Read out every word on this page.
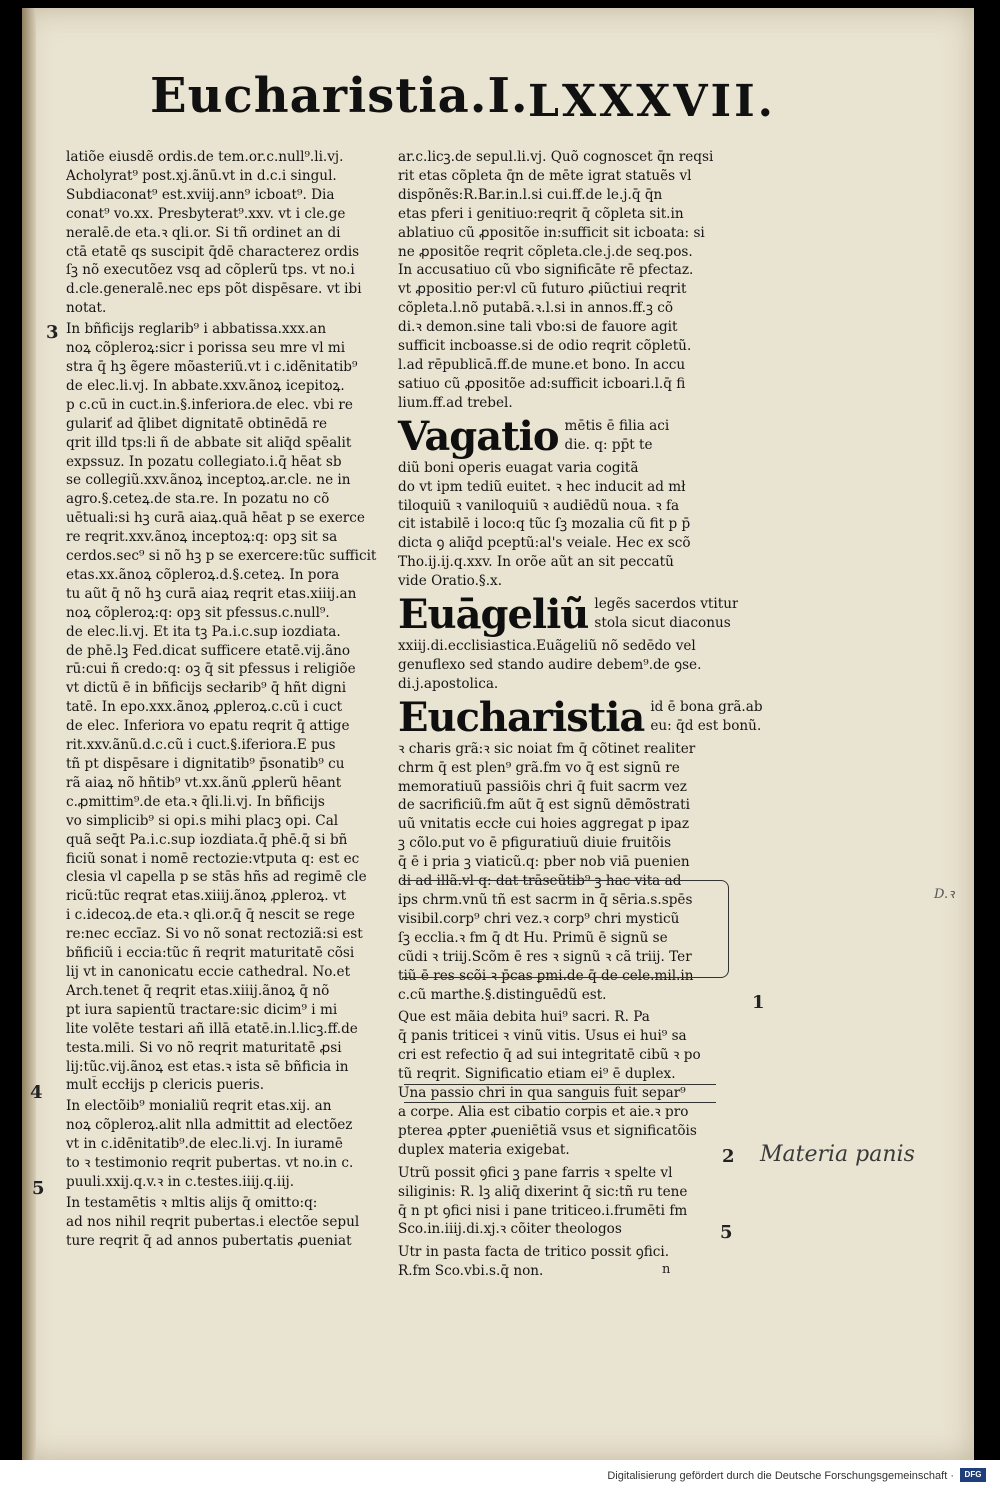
Eucharistia.I. LXXXVII.
latiõe eiusdẽ ordis.de tem.or.c.null⁹.li.vj.
Acholyrat⁹ post.xj.ãnū.vt in d.c.i singul.
Subdiaconat⁹ est.xviij.ann⁹ icboat⁹. Dia
conat⁹ vo.xx. Presbyterat⁹.xxv. vt i cle.ge
neralē.de eta.ꝛ qli.or. Si tñ ordinet an di
ctā etatē qs suscipit q̄dē characterez ordis
ſꝫ nõ executõez vsq ad cõplerũ tps. vt no.i
d.cle.generalē.nec eps põt dispēsare. vt ibi
notat.
In bñficijs reglarib⁹ i abbatissa.xxx.an
noꝝ cõpleroꝝ:sicr i porissa seu mre vl mi
stra q̄ hꝫ ẽgere mõasteriũ.vt i c.idẽnitatib⁹
de elec.li.vj. In abbate.xxv.ãnoꝝ icepitoꝝ.
p c.cū in cuct.in.§.inferiora.de elec. vbi re
gulariť ad q̄libet dignitatē obtinēdā re
qrit illd tps:li ñ de abbate sit aliq̄d spēalit
expssuz. In pozatu collegiato.i.q̄ hēat sb
se collegiũ.xxv.ãnoꝝ inceptoꝝ.ar.cle. ne in
agro.§.ceteꝝ.de sta.re. In pozatu no cõ
uētuali:si hꝫ curā aiaꝝ.quā hēat p se exerce
re reqrit.xxv.ãnoꝝ inceptoꝝ:q: opꝫ sit sa
cerdos.sec⁹ si nõ hꝫ p se exercere:tũc sufficit
etas.xx.ãnoꝝ cõpleroꝝ.d.§.ceteꝝ. In pora
tu aũt q̄ nõ hꝫ curā aiaꝝ reqrit etas.xiiij.an
noꝝ cõpleroꝝ:q: opꝫ sit pfessus.c.null⁹.
de elec.li.vj. Et ita tꝫ Pa.i.c.sup iozdiata.
de phē.lꝫ Fed.dicat sufficere etatē.vij.ãno
rū:cui ñ credo:q: oꝫ q̄ sit pfessus i religiõe
vt dictũ ē in bñficijs secłarib⁹ q̄ hñt digni
tatē. In epo.xxx.ãnoꝝ ꝓpleroꝝ.c.cũ i cuct
de elec. Inferiora vo epatu reqrit q̄ attige
rit.xxv.ãnũ.d.c.cũ i cuct.§.iferiora.E pus
tñ pt dispēsare i dignitatib⁹ p̄sonatib⁹ cu
rã aiaꝝ nõ hñtib⁹ vt.xx.ãnũ ꝓplerũ hēant
c.ꝓmittim⁹.de eta.ꝛ q̄li.li.vj. In bñficijs
vo simplicib⁹ si opi.s mihi placꝫ opi. Cal
quã seq̄t Pa.i.c.sup iozdiata.q̄ phē.q̄ si bñ
ficiũ sonat i nomē rectozie:vtputa q: est ec
clesia vl capella p se stās hñs ad regimē cle
ricũ:tũc reqrat etas.xiiij.ãnoꝝ ꝓpleroꝝ. vt
i c.idecoꝝ.de eta.ꝛ qli.or.q̄ q̄ nescit se rege
re:nec eccīaz. Si vo nõ sonat rectoziã:si est
bñficiũ i eccia:tũc ñ reqrit maturitatē cõsi
lij vt in canonicatu eccie cathedral. No.et
Arch.tenet q̄ reqrit etas.xiiij.ãnoꝝ q̄ nõ
pt iura sapientũ tractare:sic dicim⁹ i mi
lite volēte testari añ illā etatē.in.l.licꝫ.ff.de
testa.mili. Si vo nõ reqrit maturitatē ꝓsi
lij:tũc.vij.ãnoꝝ est etas.ꝛ ista sē bñficia in
mult̄ eccłijs p clericis pueris.
In electõib⁹ monialiũ reqrit etas.xij. an
noꝝ cõpleroꝝ.alit nlla admittit ad electõez
vt in c.idēnitatib⁹.de elec.li.vj. In iuramē
to ꝛ testimonio reqrit pubertas. vt no.in c.
puuli.xxij.q.v.ꝛ in c.testes.iiij.q.iij.
In testamētis ꝛ mltis alijs q̄ omitto:q:
ad nos nihil reqrit pubertas.i electõe sepul
ture reqrit q̄ ad annos pubertatis ꝓueniat
ar.c.licꝫ.de sepul.li.vj. Quõ cognoscet q̄n reqsi
rit etas cõpleta q̄n de mēte igrat statuẽs vl
dispõnẽs:R.Bar.in.l.si cui.ff.de le.j.q̄ q̄n
etas pferi i genitiuo:reqrit q̄ cõpleta sit.in
ablatiuo cũ ꝓpositõe in:sufficit sit icboata: si
ne ꝓpositõe reqrit cõpleta.cle.j.de seq.pos.
In accusatiuo cũ vbo significāte rē pfectaz.
vt ꝓpositio per:vl cũ futuro ꝓiũctiui reqrit
cõpleta.l.nõ putabã.ꝛ.l.si in annos.ff.ꝫ cõ
di.ꝛ demon.sine tali vbo:si de fauore agit
sufficit incboasse.si de odio reqrit cõpletũ.
l.ad rēpublicā.ff.de mune.et bono. In accu
satiuo cũ ꝓpositõe ad:sufficit icboari.l.q̄ fi
lium.ff.ad trebel.
Vagatio mētis ē filia aci
die. q: pp̄t te
diũ boni operis euagat varia cogitã
do vt ipm tediũ euitet. ꝛ hec inducit ad mł
tiloquiũ ꝛ vaniloquiũ ꝛ audiēdũ noua. ꝛ fa
cit istabilē i loco:q tũc ſꝫ mozalia cũ fit p p̄
dicta ꝯ aliq̄d pceptũ:al's veiale. Hec ex scõ
Tho.ij.ij.q.xxv. In orõe aũt an sit peccatũ
vide Oratio.§.x.
Euāgeliũ legẽs sacerdos vtitur
stola sicut diaconus
xxiij.di.ecclisiastica.Euãgeliũ nõ sedēdo vel
genuflexo sed stando audire debem⁹.de ꝯse.
di.j.apostolica.
Eucharistia id ē bona grã.ab
eu: q̄d est bonũ.
ꝛ charis grã:ꝛ sic noiat fm q̄ cõtinet realiter
chrm q̄ est plen⁹ grã.fm vo q̄ est signũ re
memoratiuũ passiõis chri q̄ fuit sacrm vez
de sacrificiũ.fm aũt q̄ est signũ dēmõstrati
uũ vnitatis eccłe cui hoies aggregat p ipaz
ꝫ cõlo.put vo ē pfiguratiuũ diuie fruitõis
q̄ ē i pria ꝫ viaticũ.q: pber nob viā puenien
di ad illã.vl q: dat trāseũtib⁹ ꝫ hac vita ad
ips chrm.vnũ tñ est sacrm in q̄ sēria.s.spēs
visibil.corp⁹ chri vez.ꝛ corp⁹ chri mysticũ
ſꝫ ecclia.ꝛ fm q̄ dt Hu. Primũ ē signũ se
cũdi ꝛ triij.Scõm ē res ꝛ signũ ꝛ cã triij. Ter
tiũ ē res scõi ꝛ p̄cas ꝑmi.de q̄ de cele.mil.in
c.cũ marthe.§.distinguēdũ est.
Que est mãia debita hui⁹ sacri. R. Pa
q̄ panis triticei ꝛ vinũ vitis. Usus ei hui⁹ sa
cri est refectio q̄ ad sui integritatē cibũ ꝛ po
tũ reqrit. Significatio etiam ei⁹ ē duplex.
Una passio chri in qua sanguis fuit separ⁹
a corpe. Alia est cibatio corpis et aie.ꝛ pro
pterea ꝓpter ꝓueniētiã vsus et significatõis
duplex materia exigebat.
Utrũ possit ꝯfici ꝫ pane farris ꝛ spelte vl
siliginis: R. lꝫ aliq̄ dixerint q̄ sic:tñ ru tene
q̄ n pt ꝯfici nisi i pane triticeo.i.frumēti fm
Sco.in.iiij.di.xj.ꝛ cõiter theologos
Utr in pasta facta de tritico possit ꝯfici.
R.fm Sco.vbi.s.q̄ non.
3
4
5
1
2
5
Materia panis
D.ꝛ
n
Digitalisierung gefördert durch die Deutsche Forschungsgemeinschaft ·	DFG
